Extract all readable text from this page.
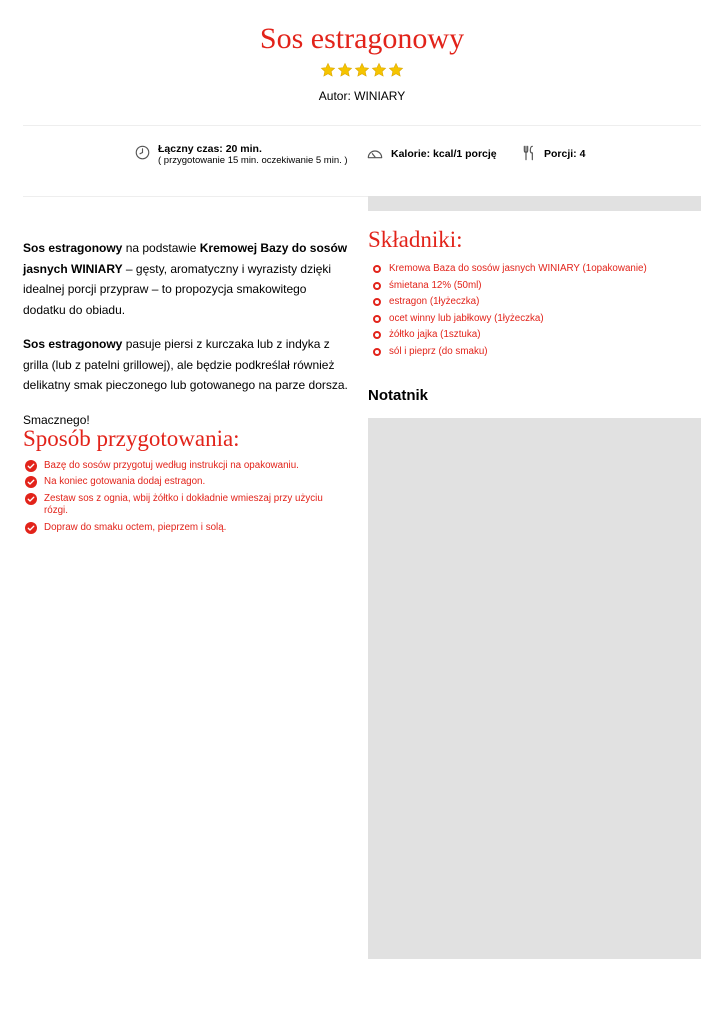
Sos estragonowy

Autor: WINIARY
Łączny czas: 20 min.
( przygotowanie 15 min. oczekiwanie 5 min. )
Kalorie: kcal/1 porcję	Porcji: 4

Sos estragonowy na podstawie Kremowej Bazy do sosów jasnych WINIARY – gęsty, aromatyczny i wyrazisty dzięki idealnej porcji przypraw – to propozycja smakowitego dodatku do obiadu.

Sos estragonowy pasuje piersi z kurczaka lub z indyka z grilla (lub z patelni grillowej), ale będzie podkreślał również delikatny smak pieczonego lub gotowanego na parze dorsza.

Smacznego!

Sposób przygotowania:
Bazę do sosów przygotuj według instrukcji na opakowaniu.
Na koniec gotowania dodaj estragon.
Zestaw sos z ognia, wbij żółtko i dokładnie wmieszaj przy użyciu rózgi.
Dopraw do smaku octem, pieprzem i solą.
Składniki:
Kremowa Baza do sosów jasnych WINIARY (1opakowanie)
śmietana 12% (50ml)
estragon (1łyżeczka)
ocet winny lub jabłkowy (1łyżeczka)
żółtko jajka (1sztuka)
sól i pieprz (do smaku)
Notatnik
